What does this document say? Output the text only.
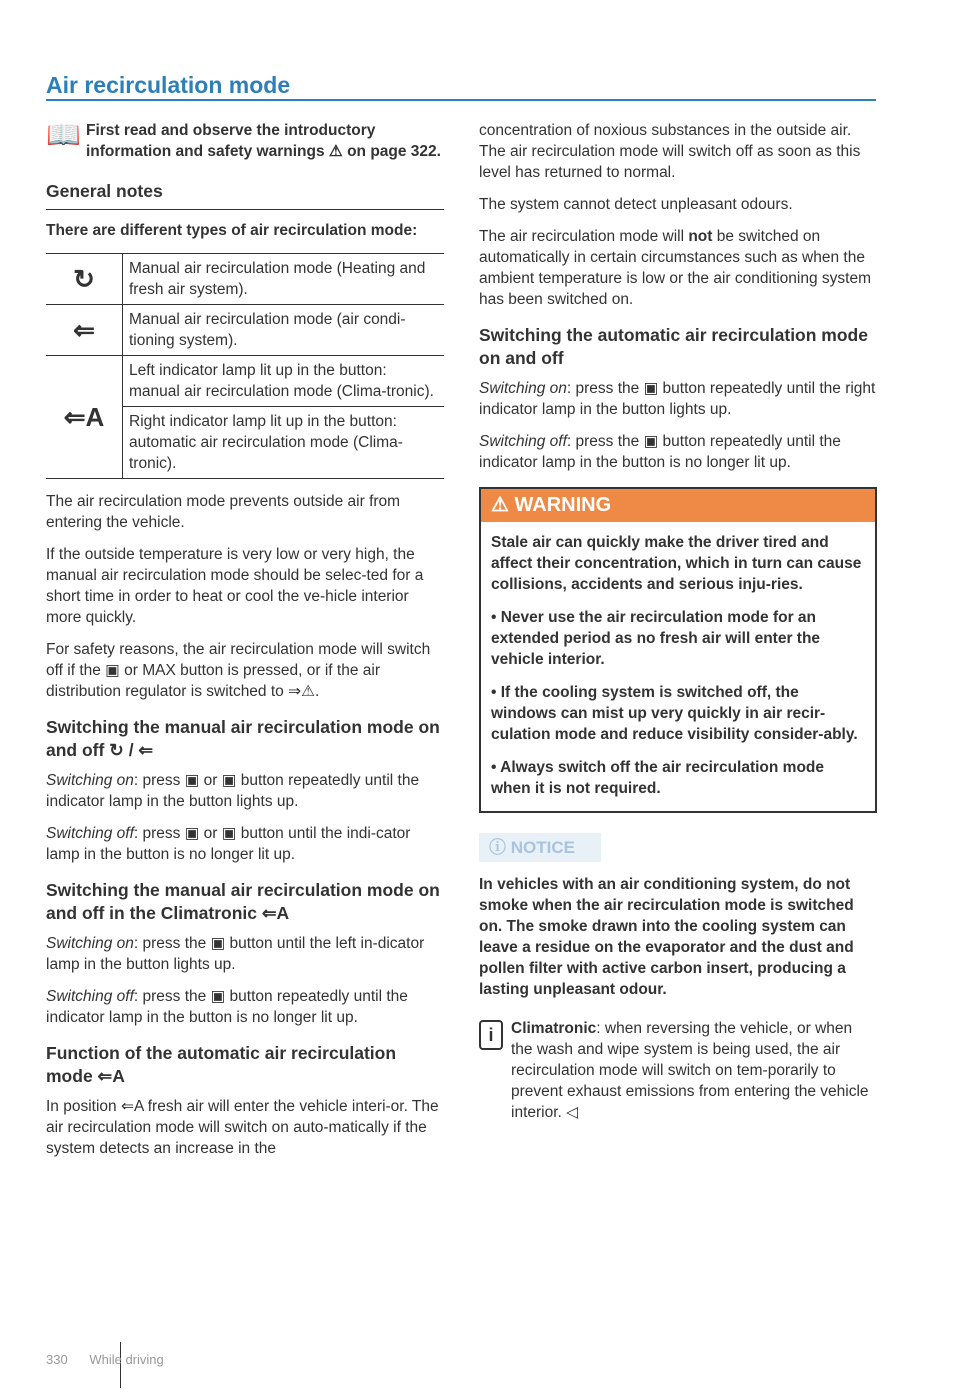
Air recirculation mode
📖 First read and observe the introductory information and safety warnings ⚠ on page 322.
General notes
There are different types of air recirculation mode:
↻	Manual air recirculation mode (Heating and fresh air system).
⇐	Manual air recirculation mode (air condi-tioning system).
⇐A	Left indicator lamp lit up in the button: manual air recirculation mode (Clima-tronic).
	Right indicator lamp lit up in the button: automatic air recirculation mode (Clima-tronic).

The air recirculation mode prevents outside air from entering the vehicle.

If the outside temperature is very low or very high, the manual air recirculation mode should be selec-ted for a short time in order to heat or cool the ve-hicle interior more quickly.

For safety reasons, the air recirculation mode will switch off if the ▣ or MAX button is pressed, or if the air distribution regulator is switched to ⇒⚠.

Switching the manual air recirculation mode on and off ↻ / ⇐

Switching on: press ▣ or ▣ button repeatedly until the indicator lamp in the button lights up.

Switching off: press ▣ or ▣ button until the indi-cator lamp in the button is no longer lit up.

Switching the manual air recirculation mode on and off in the Climatronic ⇐A

Switching on: press the ▣ button until the left in-dicator lamp in the button lights up.

Switching off: press the ▣ button repeatedly until the indicator lamp in the button is no longer lit up.

Function of the automatic air recirculation mode ⇐A

In position ⇐A fresh air will enter the vehicle interi-or. The air recirculation mode will switch on auto-matically if the system detects an increase in the

concentration of noxious substances in the outside air. The air recirculation mode will switch off as soon as this level has returned to normal.

The system cannot detect unpleasant odours.

The air recirculation mode will not be switched on automatically in certain circumstances such as when the ambient temperature is low or the air conditioning system has been switched on.

Switching the automatic air recirculation mode on and off

Switching on: press the ▣ button repeatedly until the right indicator lamp in the button lights up.

Switching off: press the ▣ button repeatedly until the indicator lamp in the button is no longer lit up.

⚠ WARNING

Stale air can quickly make the driver tired and affect their concentration, which in turn can cause collisions, accidents and serious inju-ries.

• Never use the air recirculation mode for an extended period as no fresh air will enter the vehicle interior.

• If the cooling system is switched off, the windows can mist up very quickly in air recir-culation mode and reduce visibility consider-ably.

• Always switch off the air recirculation mode when it is not required.

ⓘ NOTICE
In vehicles with an air conditioning system, do not smoke when the air recirculation mode is switched on. The smoke drawn into the cooling system can leave a residue on the evaporator and the dust and pollen filter with active carbon insert, producing a lasting unpleasant odour.
i	Climatronic: when reversing the vehicle, or when the wash and wipe system is being used, the air recirculation mode will switch on tem-porarily to prevent exhaust emissions from entering the vehicle interior. ◁
330 While driving
